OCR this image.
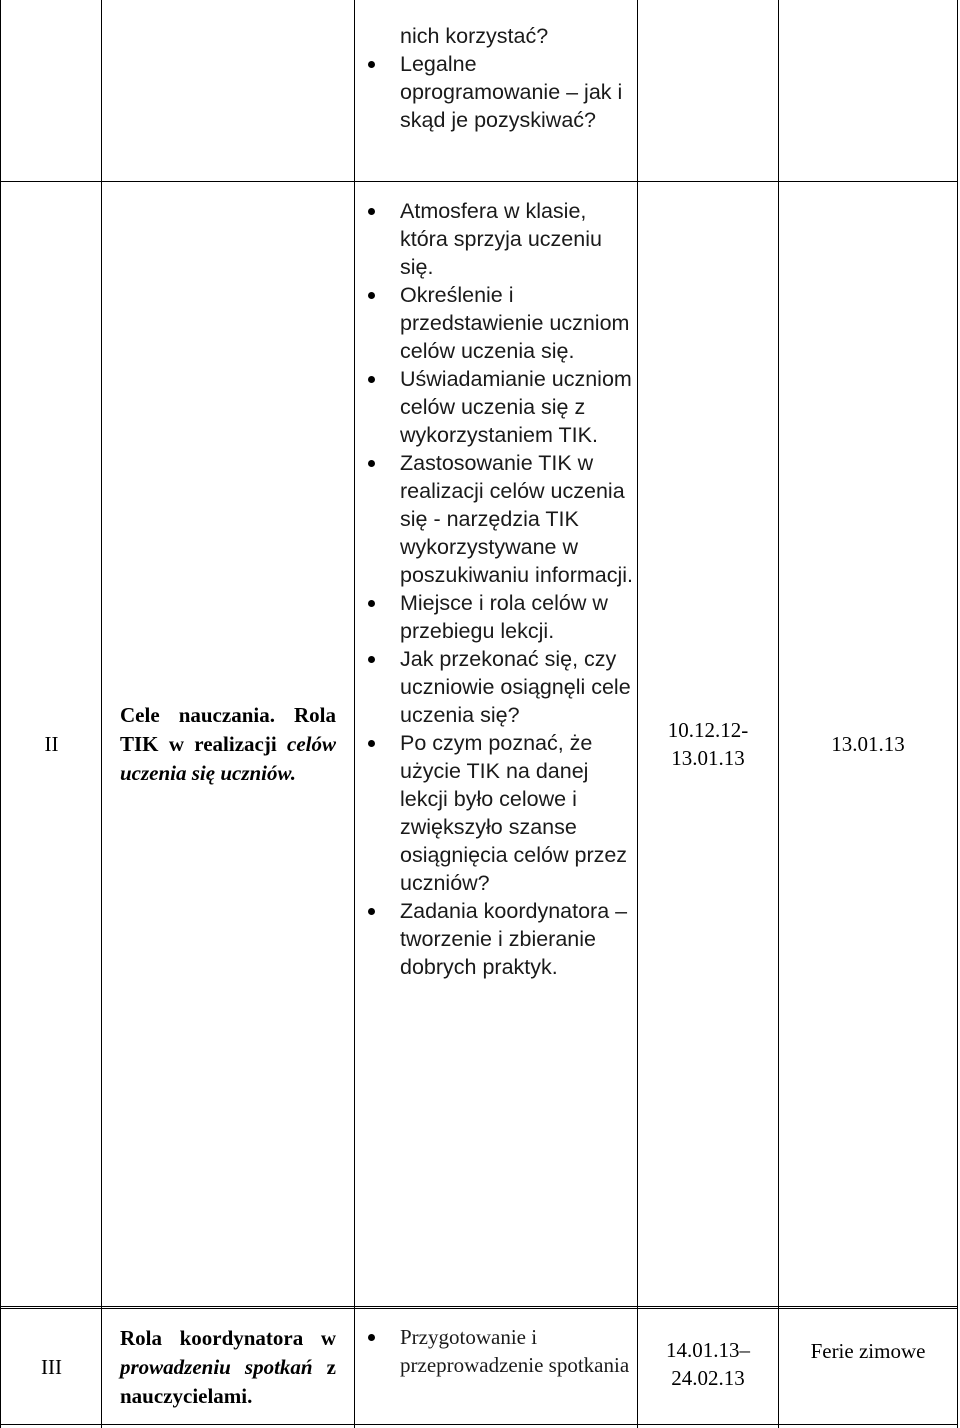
nich korzystać?
Legalne oprogramowanie – jak i skąd je pozyskiwać?
II
Cele nauczania. Rola TIK w realizacji celów uczenia się uczniów.
Atmosfera w klasie, która sprzyja uczeniu się.
Określenie i przedstawienie uczniom celów uczenia się.
Uświadamianie uczniom celów uczenia się z wykorzystaniem TIK.
Zastosowanie TIK w realizacji celów uczenia się - narzędzia TIK wykorzystywane w poszukiwaniu informacji.
Miejsce i rola celów w przebiegu lekcji.
Jak przekonać się, czy uczniowie osiągnęli cele uczenia się?
Po czym poznać, że użycie TIK na danej lekcji było celowe i zwiększyło szanse osiągnięcia celów przez uczniów?
Zadania koordynatora – tworzenie i zbieranie dobrych praktyk.
10.12.12-
13.01.13
13.01.13
III
Rola koordynatora w prowadzeniu spotkań z nauczycielami.
Przygotowanie i przeprowadzenie spotkania
14.01.13–
24.02.13
Ferie zimowe
